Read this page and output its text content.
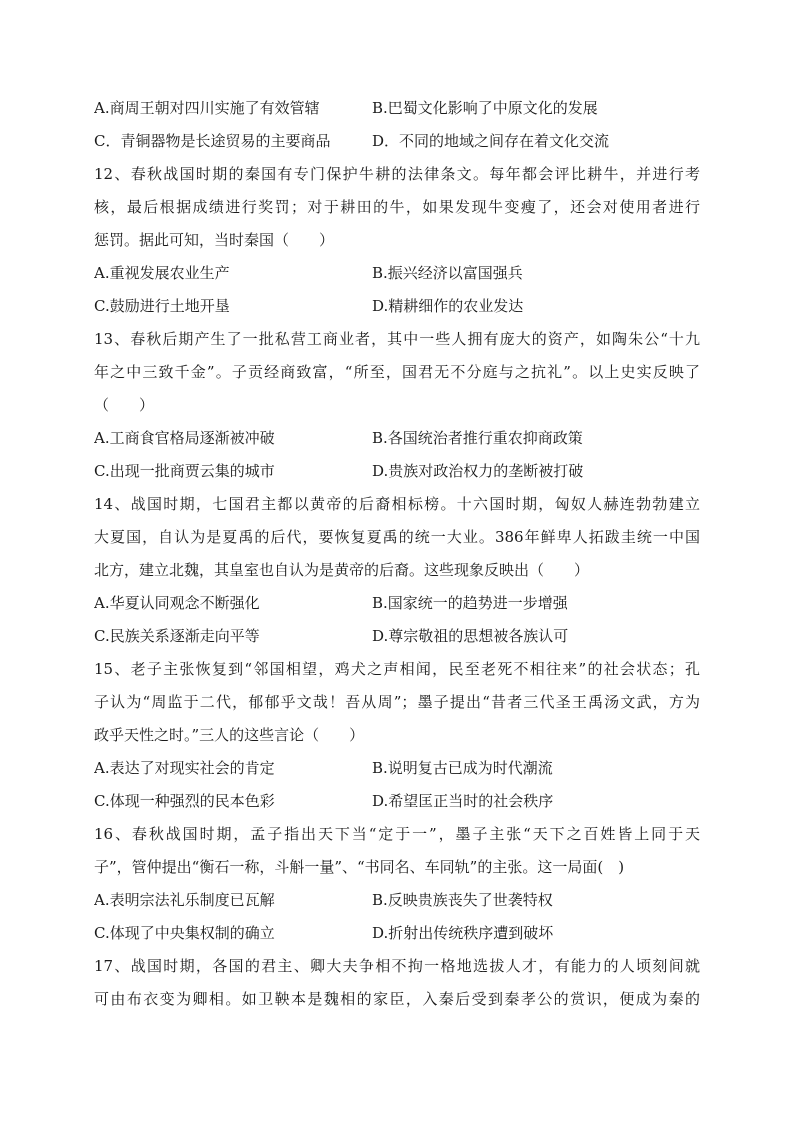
A.商周王朝对四川实施了有效管辖	B.巴蜀文化影响了中原文化的发展
C．青铜器物是长途贸易的主要商品	D．不同的地域之间存在着文化交流
12、春秋战国时期的秦国有专门保护牛耕的法律条文。每年都会评比耕牛，并进行考
核，最后根据成绩进行奖罚；对于耕田的牛，如果发现牛变瘦了，还会对使用者进行
惩罚。据此可知，当时秦国（　　）
A.重视发展农业生产	B.振兴经济以富国强兵
C.鼓励进行土地开垦	D.精耕细作的农业发达
13、春秋后期产生了一批私营工商业者，其中一些人拥有庞大的资产，如陶朱公“十九
年之中三致千金”。子贡经商致富，“所至，国君无不分庭与之抗礼”。以上史实反映了
（　　）
A.工商食官格局逐渐被冲破	B.各国统治者推行重农抑商政策
C.出现一批商贾云集的城市	D.贵族对政治权力的垄断被打破
14、战国时期，七国君主都以黄帝的后裔相标榜。十六国时期，匈奴人赫连勃勃建立
大夏国，自认为是夏禹的后代，要恢复夏禹的统一大业。386年鲜卑人拓跋圭统一中国
北方，建立北魏，其皇室也自认为是黄帝的后裔。这些现象反映出（　　）
A.华夏认同观念不断强化	B.国家统一的趋势进一步增强
C.民族关系逐渐走向平等	D.尊宗敬祖的思想被各族认可
15、老子主张恢复到“邻国相望，鸡犬之声相闻，民至老死不相往来”的社会状态；孔
子认为“周监于二代，郁郁乎文哉！吾从周”；墨子提出“昔者三代圣王禹汤文武，方为
政乎天性之时。”三人的这些言论（　　）
A.表达了对现实社会的肯定	B.说明复古已成为时代潮流
C.体现一种强烈的民本色彩	D.希望匡正当时的社会秩序
16、春秋战国时期，孟子指出天下当“定于一”，墨子主张“天下之百姓皆上同于天
子”，管仲提出“衡石一称，斗斛一量”、“书同名、车同轨”的主张。这一局面(　)
A.表明宗法礼乐制度已瓦解	B.反映贵族丧失了世袭特权
C.体现了中央集权制的确立	D.折射出传统秩序遭到破坏
17、战国时期，各国的君主、卿大夫争相不拘一格地选拔人才，有能力的人顷刻间就
可由布衣变为卿相。如卫鞅本是魏相的家臣，入秦后受到秦孝公的赏识，便成为秦的
